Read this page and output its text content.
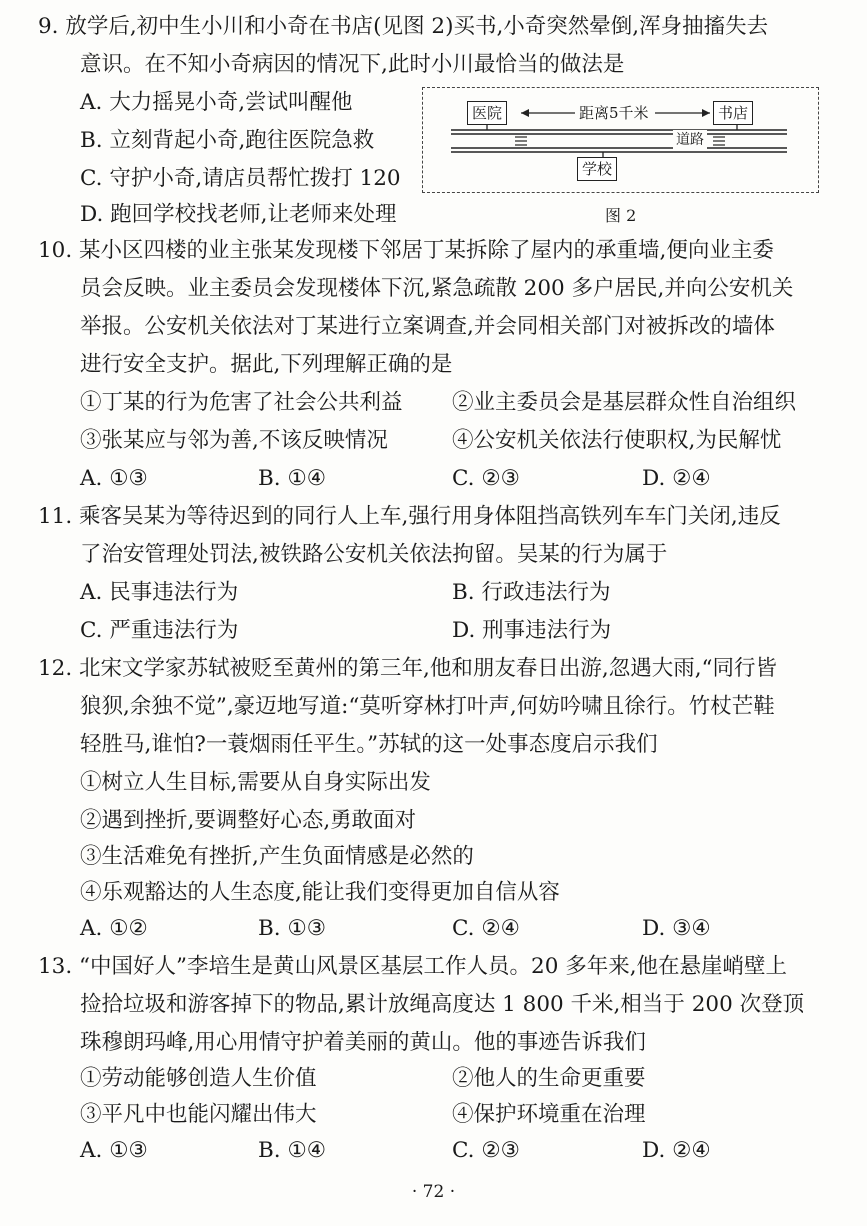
9. 放学后,初中生小川和小奇在书店(见图 2)买书,小奇突然晕倒,浑身抽搐失去
意识。在不知小奇病因的情况下,此时小川最恰当的做法是
A. 大力摇晃小奇,尝试叫醒他
B. 立刻背起小奇,跑往医院急救
C. 守护小奇,请店员帮忙拨打 120
D. 跑回学校找老师,让老师来处理
医院	书店
距离5千米
道路
学校
图 2
10. 某小区四楼的业主张某发现楼下邻居丁某拆除了屋内的承重墙,便向业主委
员会反映。业主委员会发现楼体下沉,紧急疏散 200 多户居民,并向公安机关
举报。公安机关依法对丁某进行立案调查,并会同相关部门对被拆改的墙体
进行安全支护。据此,下列理解正确的是
①丁某的行为危害了社会公共利益 ②业主委员会是基层群众性自治组织
③张某应与邻为善,不该反映情况	④公安机关依法行使职权,为民解忧
A. ①③	B. ①④	C. ②③	D. ②④
11. 乘客吴某为等待迟到的同行人上车,强行用身体阻挡高铁列车车门关闭,违反
了治安管理处罚法,被铁路公安机关依法拘留。吴某的行为属于
A. 民事违法行为	B. 行政违法行为
C. 严重违法行为	D. 刑事违法行为
12. 北宋文学家苏轼被贬至黄州的第三年,他和朋友春日出游,忽遇大雨,“同行皆
狼狈,余独不觉”,豪迈地写道:“莫听穿林打叶声,何妨吟啸且徐行。竹杖芒鞋
轻胜马,谁怕?一蓑烟雨任平生。”苏轼的这一处事态度启示我们
①树立人生目标,需要从自身实际出发
②遇到挫折,要调整好心态,勇敢面对
③生活难免有挫折,产生负面情感是必然的
④乐观豁达的人生态度,能让我们变得更加自信从容
A. ①②	B. ①③	C. ②④	D. ③④
13. “中国好人”李培生是黄山风景区基层工作人员。20 多年来,他在悬崖峭壁上
捡拾垃圾和游客掉下的物品,累计放绳高度达 1 800 千米,相当于 200 次登顶
珠穆朗玛峰,用心用情守护着美丽的黄山。他的事迹告诉我们
①劳动能够创造人生价值	②他人的生命更重要
③平凡中也能闪耀出伟大	④保护环境重在治理
A. ①③	B. ①④	C. ②③	D. ②④
· 72 ·
